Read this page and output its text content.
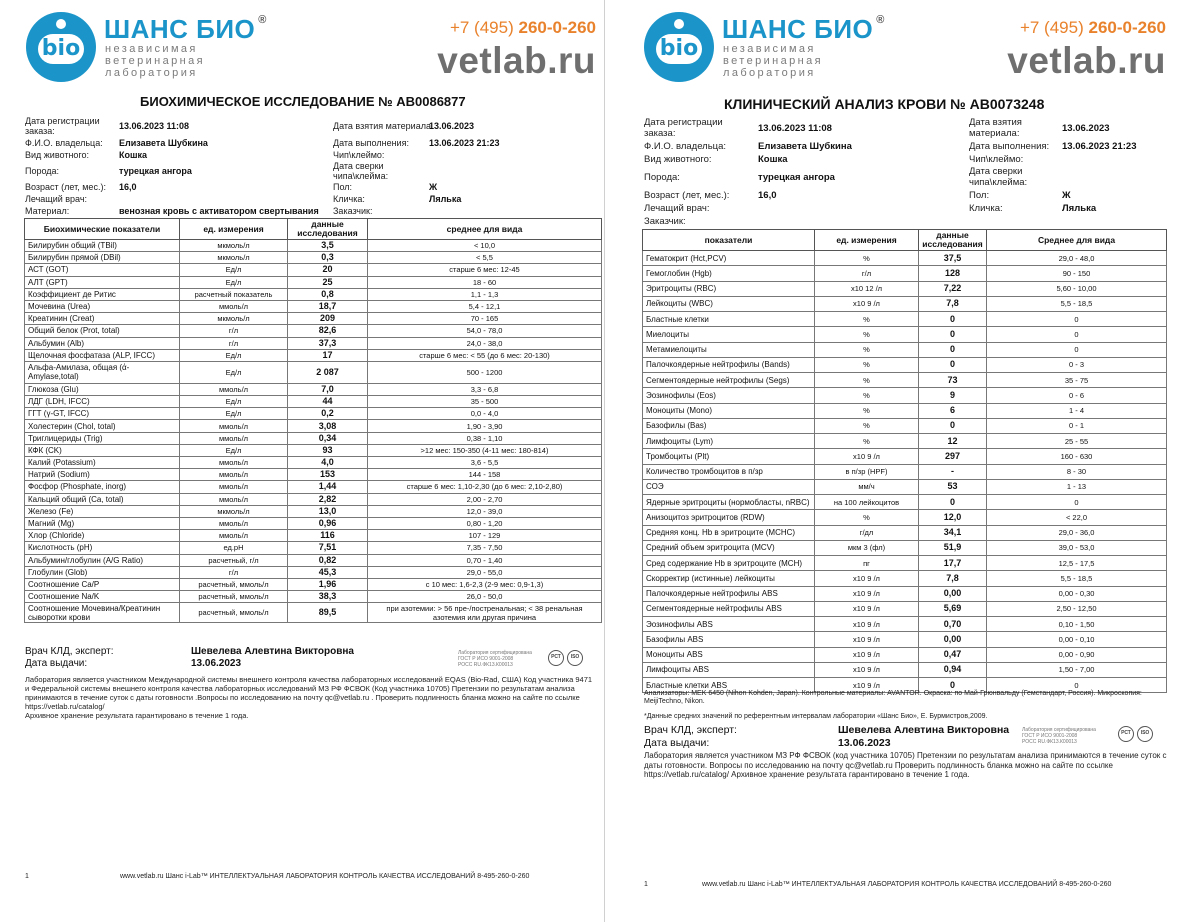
bio
ШАНС БИО ®
независимая
ветеринарная
лаборатория
+7 (495) 260-0-260
vetlab.ru
БИОХИМИЧЕСКОЕ ИССЛЕДОВАНИЕ № AB0086877
Дата регистрации заказа:	13.06.2023 11:08
Ф.И.О. владельца: Елизавета Шубкина
Вид животного:	Кошка
Порода:	турецкая ангора
Возраст (лет, мес.): 16,0
Лечащий врач:
Материал:	венозная кровь с активатором свертывания
Дата взятия материала
13.06.2023
Дата выполнения: 13.06.2023 21:23
Чип\клеймо:
Дата сверки чипа\клейма:
Пол:	Ж
Кличка:	Лялька
Заказчик:
Биохимические показатели	ед. измерения	данные исследования	среднее для вида
Билирубин общий (TBil)	мкмоль/л	3,5	< 10,0
Билирубин прямой (DBil)	мкмоль/л	0,3	< 5,5
АСТ (GOT)	Ед/л	20	старше 6 мес: 12-45
АЛТ (GPT)	Ед/л	25	18 - 60
Коэффициент де Ритис	расчетный показатель	0,8	1,1 - 1,3
Мочевина (Urea)	ммоль/л	18,7	5,4 - 12,1
Креатинин (Creat)	мкмоль/л	209	70 - 165
Общий белок (Prot, total)	г/л	82,6	54,0 - 78,0
Альбумин (Alb)	г/л	37,3	24,0 - 38,0
Щелочная фосфатаза (ALP, IFCC)	Ед/л	17	старше 6 мес: < 55 (до 6 мес: 20-130)
Альфа-Амилаза, общая (ά-Amylase,total)	Ед/л	2 087	500 - 1200
Глюкоза (Glu)	ммоль/л	7,0	3,3 - 6,8
ЛДГ (LDH, IFCC)	Ед/л	44	35 - 500
ГГТ (γ-GT, IFCC)	Ед/л	0,2	0,0 - 4,0
Холестерин (Chol, total)	ммоль/л	3,08	1,90 - 3,90
Триглицериды (Trig)	ммоль/л	0,34	0,38 - 1,10
КФК (CK)	Ед/л	93	>12 мес: 150-350 (4-11 мес: 180-814)
Калий (Potassium)	ммоль/л	4,0	3,6 - 5,5
Натрий (Sodium)	ммоль/л	153	144 - 158
Фосфор (Phosphate, inorg)	ммоль/л	1,44	старше 6 мес: 1,10-2,30 (до 6 мес: 2,10-2,80)
Кальций общий (Ca, total)	ммоль/л	2,82	2,00 - 2,70
Железо (Fe)	мкмоль/л	13,0	12,0 - 39,0
Магний (Mg)	ммоль/л	0,96	0,80 - 1,20
Хлор (Chloride)	ммоль/л	116	107 - 129
Кислотность (pH)	ед.pH	7,51	7,35 - 7,50
Альбумин/глобулин (A/G Ratio)	расчетный, г/л	0,82	0,70 - 1,40
Глобулин (Glob)	г/л	45,3	29,0 - 55,0
Соотношение Ca/P	расчетный, ммоль/л	1,96	с 10 мес: 1,6-2,3 (2-9 мес: 0,9-1,3)
Соотношение Na/K	расчетный, ммоль/л	38,3	26,0 - 50,0
Соотношение Мочевина/Креатинин сыворотки крови	расчетный, ммоль/л	89,5	при азотемии: > 56 пре-/постренальная; < 38 ренальная азотемия или другая причина
Врач КЛД, эксперт:	Шевелева Алевтина Викторовна
Дата выдачи:	13.06.2023
Лаборатория сертифицирована
ГОСТ Р ИСО 9001-2008
РОСС RU.ФК13.К00013
РСТ	ISO
Лаборатория является участником Международной системы внешнего контроля качества лабораторных исследований EQAS (Bio-Rad, США) Код участника 9471 и Федеральной системы внешнего контроля качества лабораторных исследований МЗ РФ ФСВОК (Код участника 10705) Претензии по результатам анализа принимаются в течение суток с даты готовности .Вопросы по исследованию на почту qc@vetlab.ru . Проверить подлинность бланка можно на сайте по ссылке https://vetlab.ru/catalog/
Архивное хранение результата гарантировано в течение 1 года.
1	www.vetlab.ru Шанс i-Lab™ ИНТЕЛЛЕКТУАЛЬНАЯ ЛАБОРАТОРИЯ КОНТРОЛЬ КАЧЕСТВА ИССЛЕДОВАНИЙ 8-495-260-0-260
bio
ШАНС БИО ®
независимая
ветеринарная
лаборатория
+7 (495) 260-0-260
vetlab.ru
КЛИНИЧЕСКИЙ АНАЛИЗ КРОВИ № AB0073248
Дата регистрации заказа:	13.06.2023 11:08
Ф.И.О. владельца:	Елизавета Шубкина
Вид животного:	Кошка
Порода:	турецкая ангора
Возраст (лет, мес.):	16,0
Лечащий врач:
Заказчик:
Дата взятия материала:	13.06.2023
Дата выполнения: 13.06.2023 21:23
Чип\клеймо:
Дата сверки чипа\клейма:
Пол:	Ж
Кличка:	Лялька
показатели	ед. измерения	данные исследования	Среднее для вида
Гематокрит (Hct,PCV)	%	37,5	29,0 - 48,0
Гемоглобин (Hgb)	г/л	128	90 - 150
Эритроциты (RBC)	x10 12 /л	7,22	5,60 - 10,00
Лейкоциты (WBC)	x10 9 /л	7,8	5,5 - 18,5
Бластные клетки	%	0	0
Миелоциты	%	0	0
Метамиелоциты	%	0	0
Палочкоядерные нейтрофилы (Bands)	%	0	0 - 3
Сегментоядерные нейтрофилы (Segs)	%	73	35 - 75
Эозинофилы (Eos)	%	9	0 - 6
Моноциты (Mono)	%	6	1 - 4
Базофилы (Bas)	%	0	0 - 1
Лимфоциты (Lym)	%	12	25 - 55
Тромбоциты (Plt)	x10 9 /л	297	160 - 630
Количество тромбоцитов в п/зр	в п/зр (HPF)	-	8 - 30
СОЭ	мм/ч	53	1 - 13
Ядерные эритроциты (нормобласты, nRBC)	на 100 лейкоцитов	0	0
Анизоцитоз эритроцитов (RDW)	%	12,0	< 22,0
Средняя конц. Hb в эритроците (MCHC)	г/дл	34,1	29,0 - 36,0
Средний объем эритроцита (MCV)	мкм 3 (фл)	51,9	39,0 - 53,0
Сред содержание Hb в эритроците (MCH)	пг	17,7	12,5 - 17,5
Скорректир (истинные) лейкоциты	x10 9 /л	7,8	5,5 - 18,5
Палочкоядерные нейтрофилы ABS	x10 9 /л	0,00	0,00 - 0,30
Сегментоядерные нейтрофилы ABS	x10 9 /л	5,69	2,50 - 12,50
Эозинофилы ABS	x10 9 /л	0,70	0,10 - 1,50
Базофилы ABS	x10 9 /л	0,00	0,00 - 0,10
Моноциты ABS	x10 9 /л	0,47	0,00 - 0,90
Лимфоциты ABS	x10 9 /л	0,94	1,50 - 7,00
Бластные клетки ABS	x10 9 /л	0	0
Анализаторы: MEK 6450 (Nihon Kohden, Japan). Контрольные материалы: AVANTOR. Окраска: по Май-Грюнвальду (Гемстандарт, Россия). Микроскопия: MeijiTechno, Nikon.
*Данные средних значений по референтным интервалам лаборатории «Шанс Био», Е. Бурмистров,2009.
Врач КЛД, эксперт:	Шевелева Алевтина Викторовна
Дата выдачи:	13.06.2023
Лаборатория сертифицирована
ГОСТ Р ИСО 9001-2008
РОСС RU.ФК13.К00013
РСТ	ISO
Лаборатория является участником МЗ РФ ФСВОК (код участника 10705) Претензии по результатам анализа принимаются в течение суток с даты готовности. Вопросы по исследованию на почту qc@vetlab.ru Проверить подлинность бланка можно на сайте по ссылке https://vetlab.ru/catalog/ Архивное хранение результата гарантировано в течение 1 года.
1	www.vetlab.ru Шанс i-Lab™ ИНТЕЛЛЕКТУАЛЬНАЯ ЛАБОРАТОРИЯ КОНТРОЛЬ КАЧЕСТВА ИССЛЕДОВАНИЙ 8-495-260-0-260
